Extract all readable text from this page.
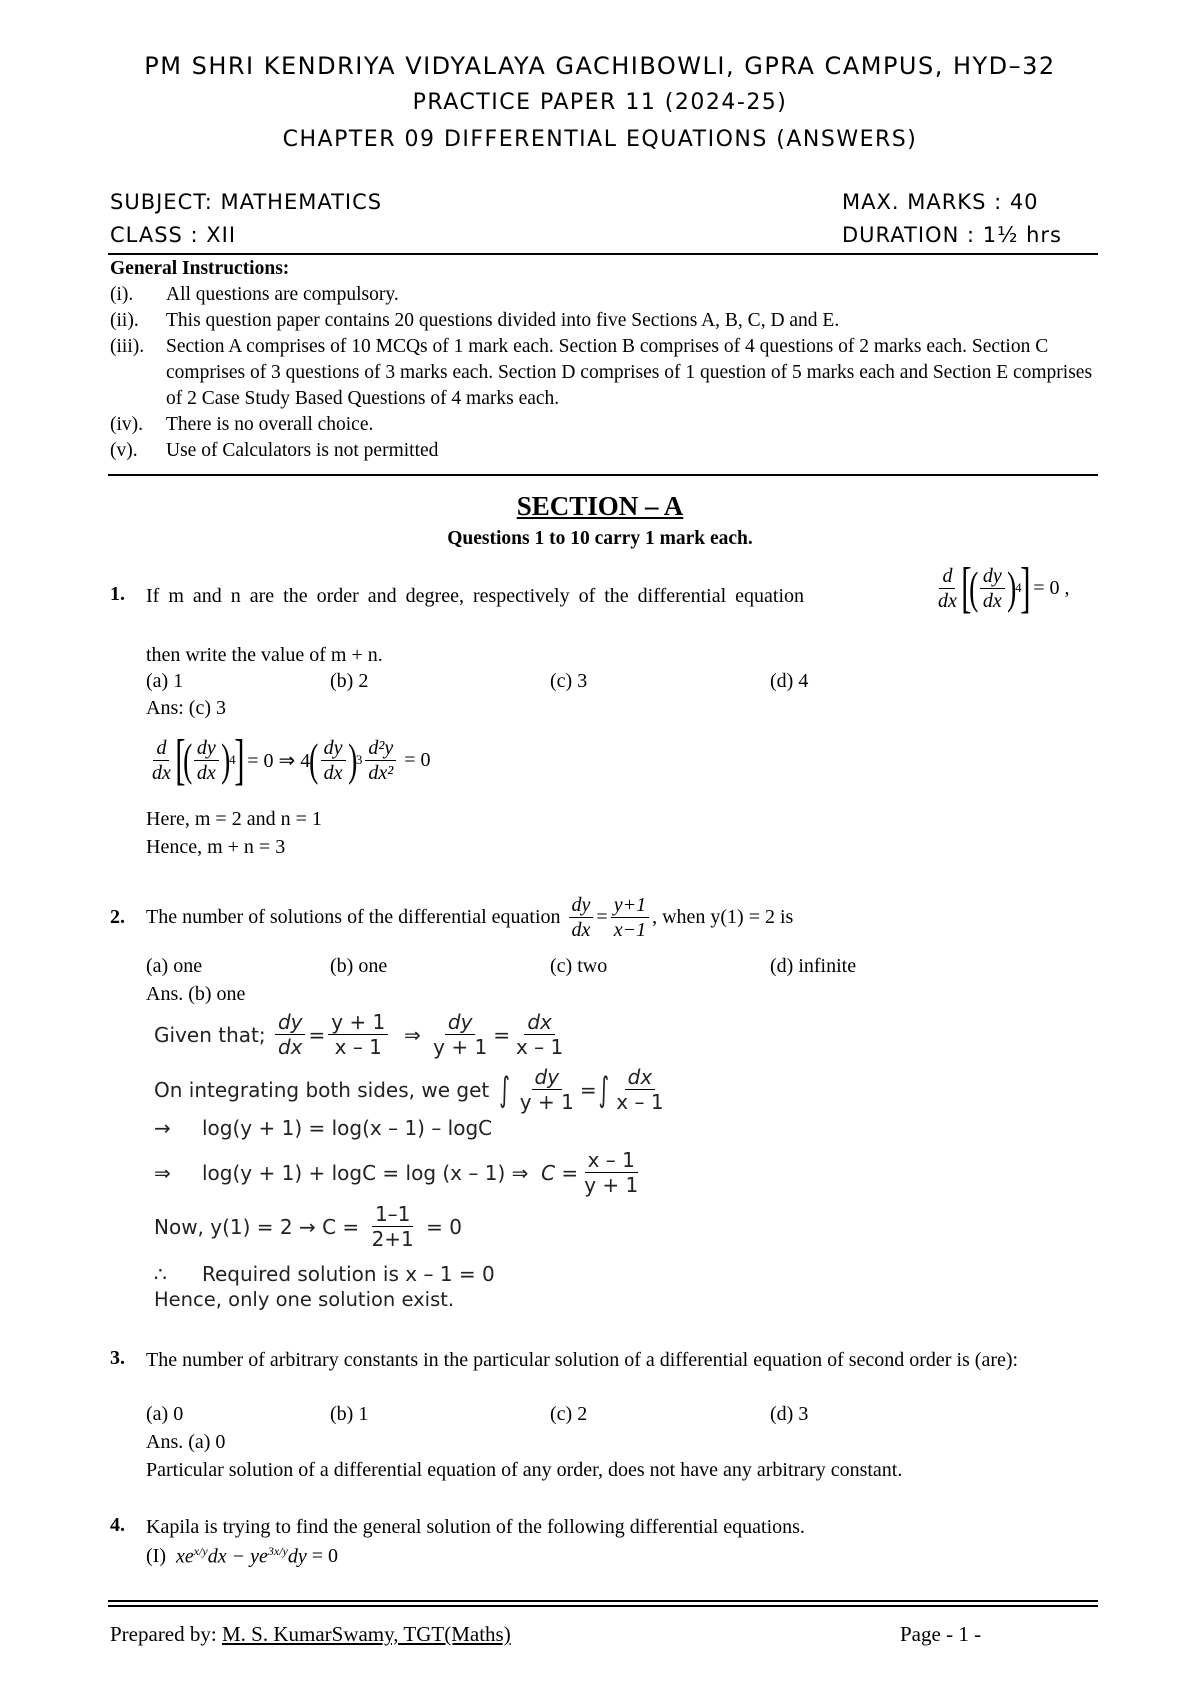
PM SHRI KENDRIYA VIDYALAYA GACHIBOWLI, GPRA CAMPUS, HYD–32
PRACTICE PAPER 11 (2024-25)
CHAPTER 09 DIFFERENTIAL EQUATIONS (ANSWERS)
SUBJECT: MATHEMATICS	MAX. MARKS : 40
CLASS : XII	DURATION : 1½ hrs
General Instructions:
(i).	All questions are compulsory.
(ii).	This question paper contains 20 questions divided into five Sections A, B, C, D and E.
(iii).	Section A comprises of 10 MCQs of 1 mark each. Section B comprises of 4 questions of 2 marks each. Section C comprises of 3 questions of 3 marks each. Section D comprises of 1 question of 5 marks each and Section E comprises of 2 Case Study Based Questions of 4 marks each.
(iv).	There is no overall choice.
(v).	Use of Calculators is not permitted
SECTION – A
Questions 1 to 10 carry 1 mark each.
1. If m and n are the order and degree, respectively of the differential equation	$\frac{d}{dx}$ [
( $\frac{dy}{dx}$ ) 4
]
= 0 ,
then write the value of m + n.
(a) 1	(b) 2	(c) 3	(d) 4
Ans: (c) 3
$\frac{d}{dx}$ [
( $\frac{dy}{dx}$ ) 4
]
= 0 ⇒ 4 ( $\frac{dy}{dx}$ ) $3 \frac{\text{d²y}}{\text{dx²}} = 0$
Here, m = 2 and n = 1
Hence, m + n = 3
2. The number of solutions of the differential equation
$\frac{dy}{dx} = \frac{y+1}{x-1}$ , when y(1) = 2 is
(a) one	(b) one	(c) two	(d) infinite
Ans. (b) one
Given that;
$\frac{dy}{dx} = \frac{y + 1}{x - 1}$ ⇒ $\frac{dy}{y + 1} = \frac{dx}{x - 1}$
On integrating both sides, we get ∫ $\frac{dy}{y + 1}$ = ∫ $\frac{dx}{x - 1}$
→	log(y + 1) = log(x – 1) – logC
⇒	log(y + 1) + logC = log (x – 1) ⇒  $C = \frac{x - 1}{y + 1}$
Now, $y(1) = 2 \to C = \frac{1-1}{2+1} = 0$
∴	Required solution is x – 1 = 0
Hence, only one solution exist.
3. The number of arbitrary constants in the particular solution of a differential equation of second order is (are):
(a) 0	(b) 1	(c) 2	(d) 3
Ans. (a) 0
Particular solution of a differential equation of any order, does not have any arbitrary constant.
4. Kapila is trying to find the general solution of the following differential equations.
(I) $xe^{x/y}dx - ye^{3x/y}dy = 0$
Prepared by: M. S. KumarSwamy, TGT(Maths)	Page - 1 -
